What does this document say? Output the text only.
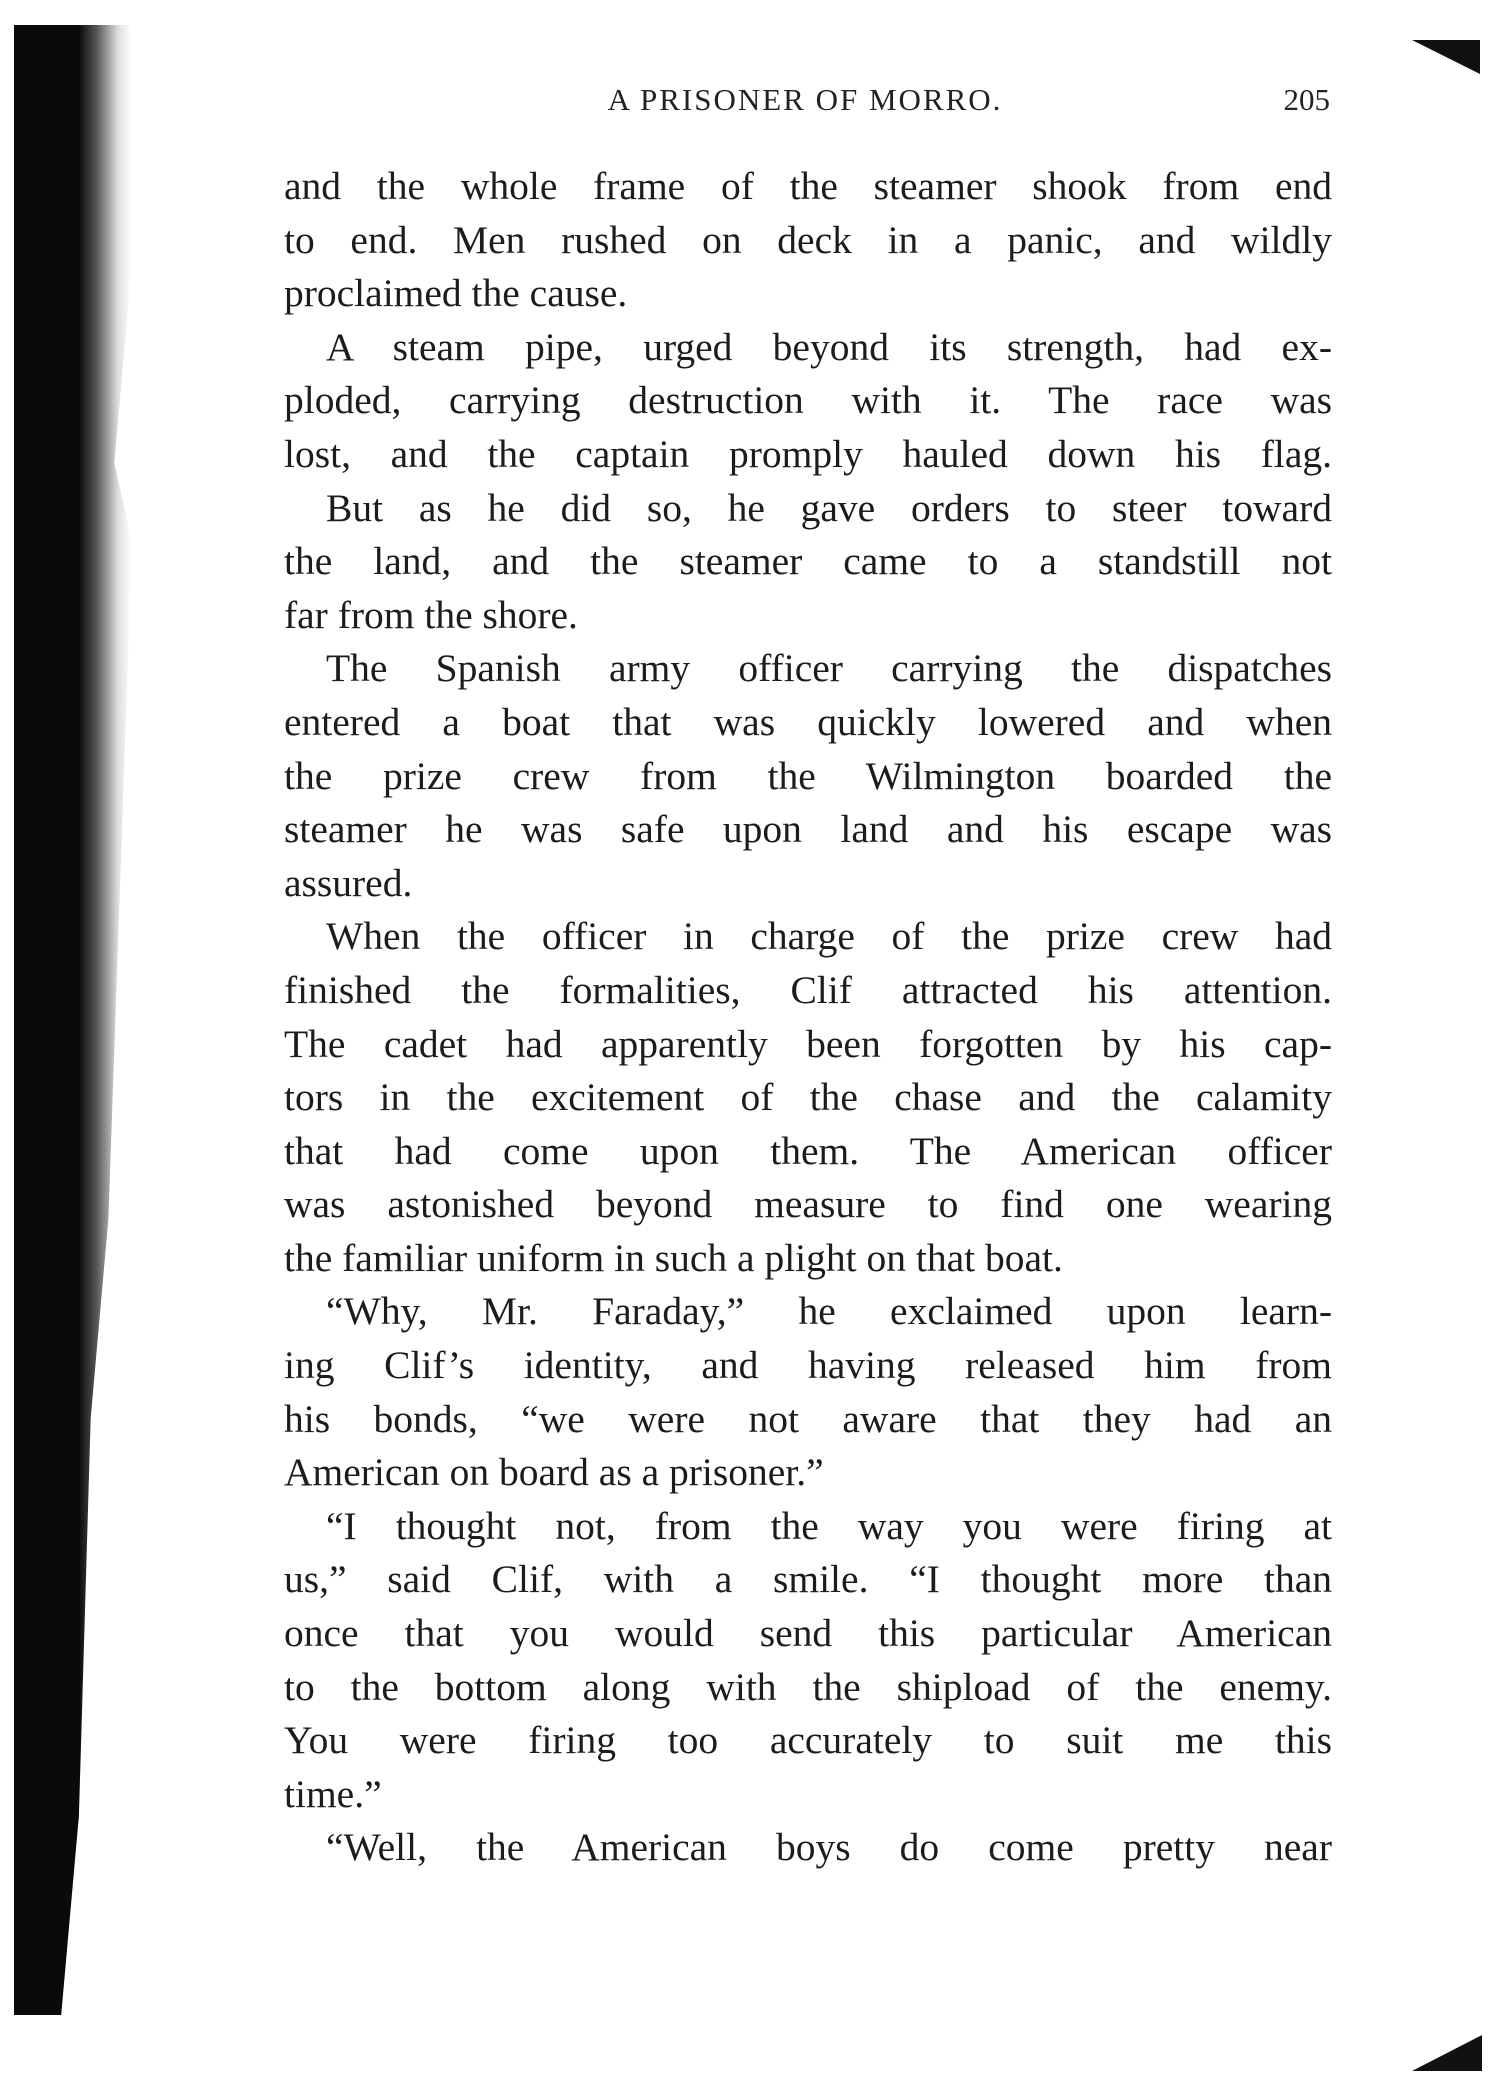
A PRISONER OF MORRO.	205
and the whole frame of the steamer shook from end
to end. Men rushed on deck in a panic, and wildly
proclaimed the cause.
A steam pipe, urged beyond its strength, had ex-
ploded, carrying destruction with it. The race was
lost, and the captain promply hauled down his flag.
But as he did so, he gave orders to steer toward
the land, and the steamer came to a standstill not
far from the shore.
The Spanish army officer carrying the dispatches
entered a boat that was quickly lowered and when
the prize crew from the Wilmington boarded the
steamer he was safe upon land and his escape was
assured.
When the officer in charge of the prize crew had
finished the formalities, Clif attracted his attention.
The cadet had apparently been forgotten by his cap-
tors in the excitement of the chase and the calamity
that had come upon them. The American officer
was astonished beyond measure to find one wearing
the familiar uniform in such a plight on that boat.
“Why, Mr. Faraday,” he exclaimed upon learn-
ing Clif’s identity, and having released him from
his bonds, “we were not aware that they had an
American on board as a prisoner.”
“I thought not, from the way you were firing at
us,” said Clif, with a smile. “I thought more than
once that you would send this particular American
to the bottom along with the shipload of the enemy.
You were firing too accurately to suit me this
time.”
“Well, the American boys do come pretty near
